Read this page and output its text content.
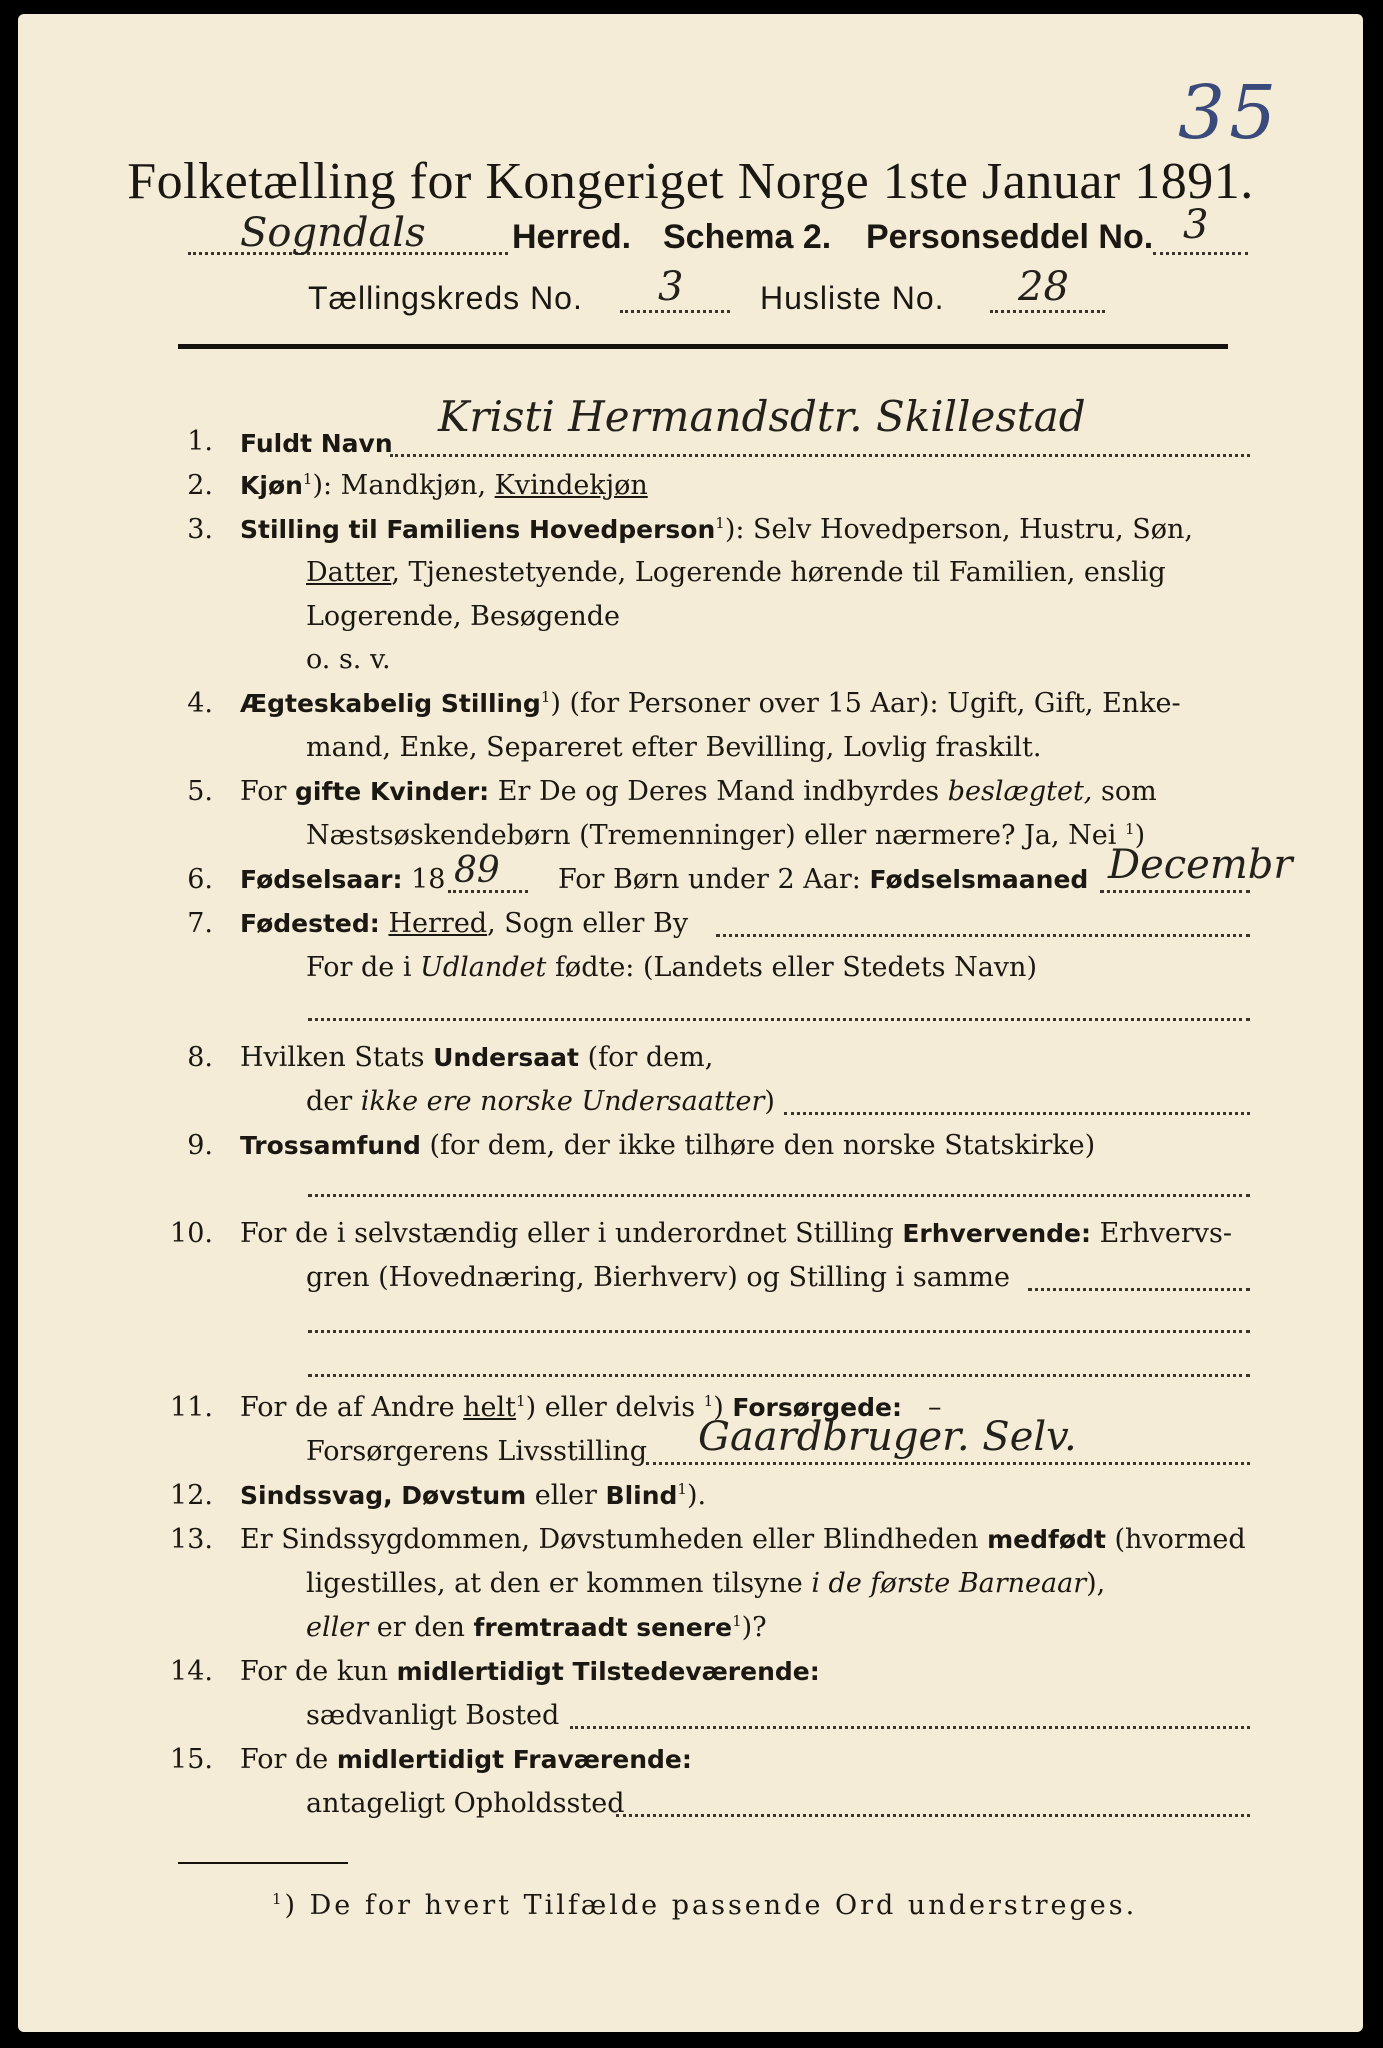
35
Folketælling for Kongeriget Norge 1ste Januar 1891.
Sogndals	Herred. Schema 2. Personseddel No. 3
Tællingskreds No. 3 Husliste No. 28
1. Fuldt Navn
Kristi Hermandsdtr. Skillestad
2. Kjøn$^1$): Mandkjøn, Kvindekjøn
3. Stilling til Familiens Hovedperson$^1$): Selv Hovedperson, Hustru, Søn,
Datter, Tjenestetyende, Logerende hørende til Familien, enslig
Logerende, Besøgende
o. s. v.
4. Ægteskabelig Stilling$^1$) (for Personer over 15 Aar): Ugift, Gift, Enke-
mand, Enke, Separeret efter Bevilling, Lovlig fraskilt.
5. For gifte Kvinder: Er De og Deres Mand indbyrdes beslægtet, som
Næstsøskendebørn (Tremenninger) eller nærmere? Ja, Nei $^1$)
6. Fødselsaar: 18 89 For Børn under 2 Aar: Fødselsmaaned Decembr
7. Fødested: Herred, Sogn eller By
For de i Udlandet fødte: (Landets eller Stedets Navn)
8. Hvilken Stats Undersaat (for dem,
der ikke ere norske Undersaatter)
9. Trossamfund (for dem, der ikke tilhøre den norske Statskirke)
10. For de i selvstændig eller i underordnet Stilling Erhvervende: Erhvervs-
gren (Hovednæring, Bierhverv) og Stilling i samme
11. For de af Andre helt$^1$) eller delvis $^1$) Forsørgede: –
Forsørgerens Livsstilling Gaardbruger. Selv.
12. Sindssvag, Døvstum eller Blind$^1$).
13. Er Sindssygdommen, Døvstumheden eller Blindheden medfødt (hvormed
ligestilles, at den er kommen tilsyne i de første Barneaar),
eller er den fremtraadt senere$^1$)?
14. For de kun midlertidigt Tilstedeværende:
sædvanligt Bosted
15. For de midlertidigt Fraværende:
antageligt Opholdssted
$^1$) De for hvert Tilfælde passende Ord understreges.
